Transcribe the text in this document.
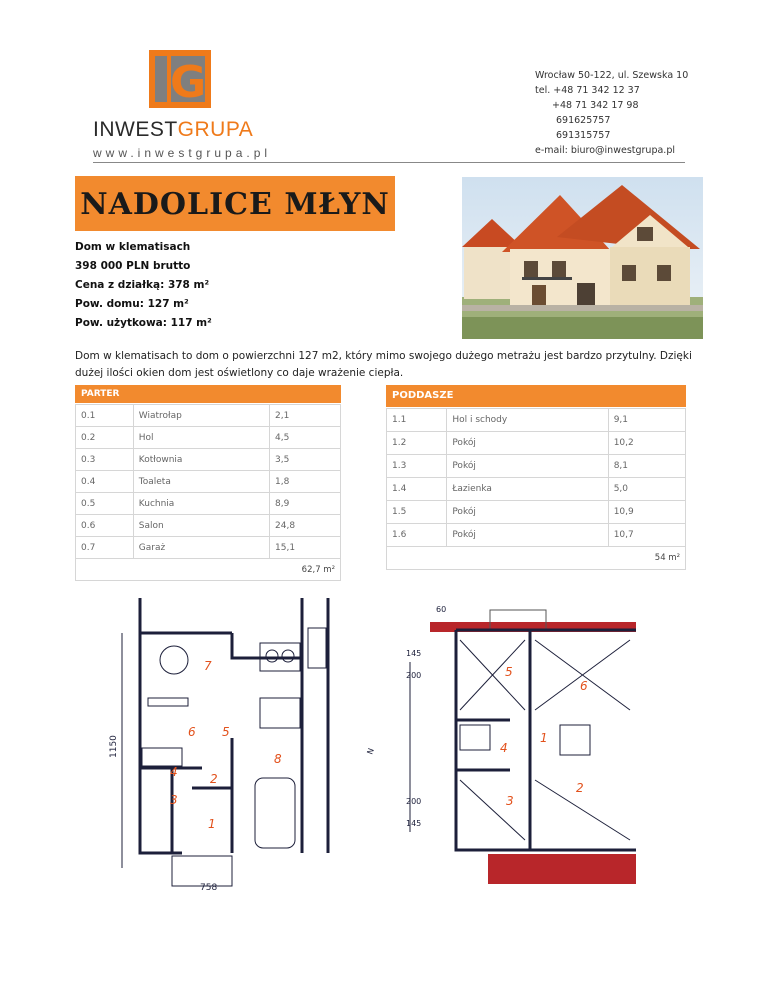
G
INWESTGRUPA
www.inwestgrupa.pl
Wrocław 50-122, ul. Szewska 10
tel. +48 71 342 12 37
+48 71 342 17 98
691625757
691315757
e-mail: biuro@inwestgrupa.pl
NADOLICE MŁYN
Dom w klematisach
398 000 PLN brutto
Cena z działką: 378 m²
Pow. domu: 127 m²
Pow. użytkowa: 117 m²
Dom w klematisach to dom o powierzchni 127 m2, który mimo swojego dużego metrażu jest bardzo przytulny. Dzięki dużej ilości okien dom jest oświetlony co daje wrażenie ciepła.
PARTER
0.1	Wiatrołap	2,1
0.2	Hol	4,5
0.3	Kotłownia	3,5
0.4	Toaleta	1,8
0.5	Kuchnia	8,9
0.6	Salon	24,8
0.7	Garaż	15,1
62,7 m²		
PODDASZE
1.1	Hol i schody	9,1
1.2	Pokój	10,2
1.3	Pokój	8,1
1.4	Łazienka	5,0
1.5	Pokój	10,9
1.6	Pokój	10,7
54 m²		
7
6 5
8
4	2
3
1
1150
758
5
6
4
1
3
2
60
145
200
200
145
N
